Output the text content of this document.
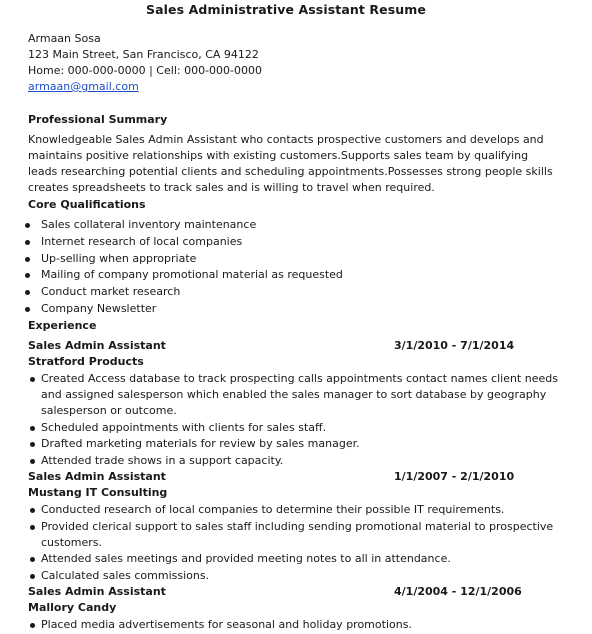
Sales Administrative Assistant Resume
Armaan Sosa
123 Main Street, San Francisco, CA 94122
Home: 000-000-0000 | Cell: 000-000-0000
armaan@gmail.com
Professional Summary
Knowledgeable Sales Admin Assistant who contacts prospective customers and develops and maintains positive relationships with existing customers.Supports sales team by qualifying leads researching potential clients and scheduling appointments.Possesses strong people skills creates spreadsheets to track sales and is willing to travel when required.
Core Qualifications
Sales collateral inventory maintenance
Internet research of local companies
Up-selling when appropriate
Mailing of company promotional material as requested
Conduct market research
Company Newsletter
Experience
Sales Admin Assistant	3/1/2010 - 7/1/2014
Stratford Products
Created Access database to track prospecting calls appointments contact names client needs and assigned salesperson which enabled the sales manager to sort database by geography salesperson or outcome.
Scheduled appointments with clients for sales staff.
Drafted marketing materials for review by sales manager.
Attended trade shows in a support capacity.
Sales Admin Assistant	1/1/2007 - 2/1/2010
Mustang IT Consulting
Conducted research of local companies to determine their possible IT requirements.
Provided clerical support to sales staff including sending promotional material to prospective customers.
Attended sales meetings and provided meeting notes to all in attendance.
Calculated sales commissions.
Sales Admin Assistant	4/1/2004 - 12/1/2006
Mallory Candy
Placed media advertisements for seasonal and holiday promotions.
